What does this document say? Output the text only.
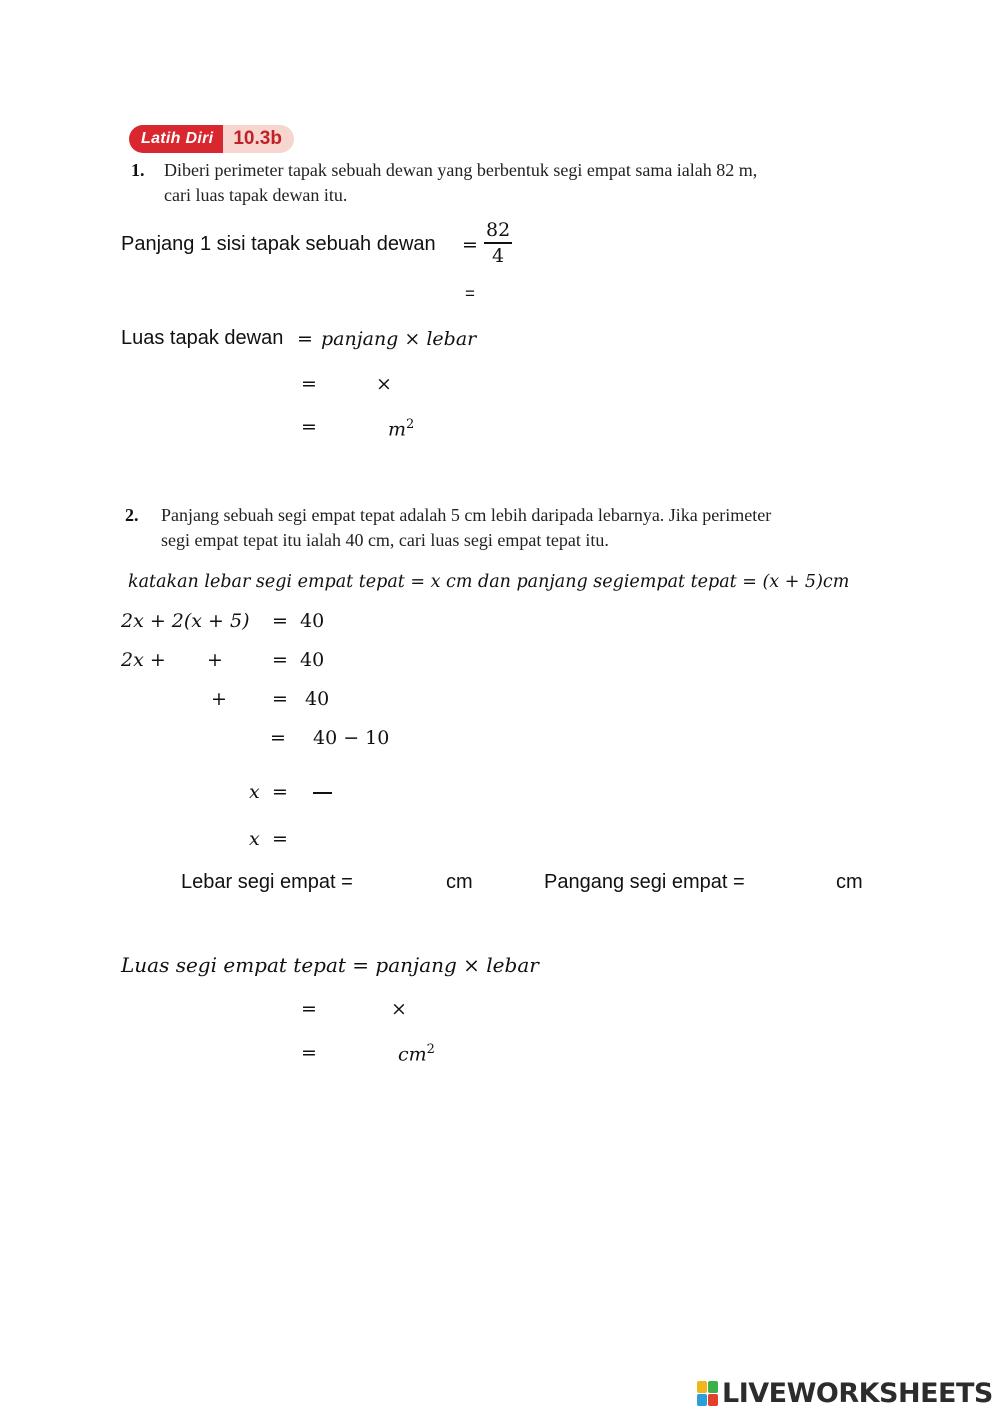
Latih Diri	10.3b
1. Diberi perimeter tapak sebuah dewan yang berbentuk segi empat sama ialah 82 m,
cari luas tapak dewan itu.
Panjang 1 sisi tapak sebuah dewan =
82
4
=
Luas tapak dewan = panjang × lebar
=	×
=	$m^2$
2. Panjang sebuah segi empat tepat adalah 5 cm lebih daripada lebarnya. Jika perimeter
segi empat tepat itu ialah 40 cm, cari luas segi empat tepat itu.
katakan lebar segi empat tepat = x cm dan panjang segiempat tepat = (x + 5)cm
2x + 2(x + 5) = 40
2x + +	= 40
+ = 40
= 40 − 10
x =
x =
Lebar segi empat =	cm	Pangang segi empat =	cm
Luas segi empat tepat = panjang × lebar
=	×
=	$cm^2$
LIVEWORKSHEETS
